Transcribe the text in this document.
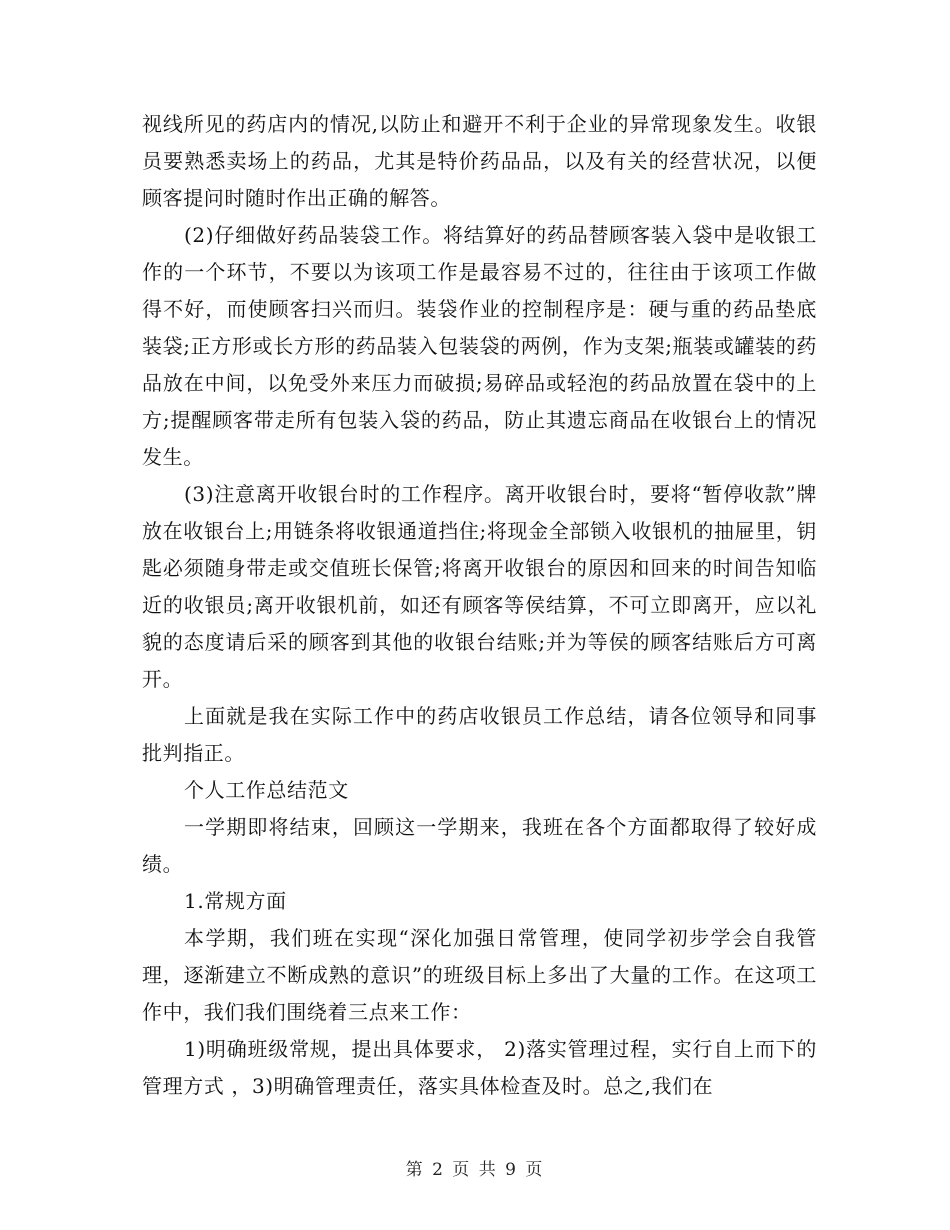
视线所见的药店内的情况,以防止和避开不利于企业的异常现象发生。收银员要熟悉卖场上的药品，尤其是特价药品品，以及有关的经营状况，以便顾客提问时随时作出正确的解答。

(2)仔细做好药品装袋工作。将结算好的药品替顾客装入袋中是收银工作的一个环节，不要以为该项工作是最容易不过的，往往由于该项工作做得不好，而使顾客扫兴而归。装袋作业的控制程序是：硬与重的药品垫底装袋;正方形或长方形的药品装入包装袋的两例，作为支架;瓶装或罐装的药品放在中间，以免受外来压力而破损;易碎品或轻泡的药品放置在袋中的上方;提醒顾客带走所有包装入袋的药品，防止其遗忘商品在收银台上的情况发生。

(3)注意离开收银台时的工作程序。离开收银台时，要将“暂停收款”牌放在收银台上;用链条将收银通道挡住;将现金全部锁入收银机的抽屉里，钥匙必须随身带走或交值班长保管;将离开收银台的原因和回来的时间告知临近的收银员;离开收银机前，如还有顾客等侯结算，不可立即离开，应以礼貌的态度请后采的顾客到其他的收银台结账;并为等侯的顾客结账后方可离开。

上面就是我在实际工作中的药店收银员工作总结，请各位领导和同事批判指正。

个人工作总结范文

一学期即将结束，回顾这一学期来，我班在各个方面都取得了较好成绩。

1.常规方面

本学期，我们班在实现“深化加强日常管理，使同学初步学会自我管理，逐渐建立不断成熟的意识”的班级目标上多出了大量的工作。在这项工作中，我们我们围绕着三点来工作：

1)明确班级常规，提出具体要求， 2)落实管理过程，实行自上而下的管理方式 ，3)明确管理责任，落实具体检查及时。总之,我们在

第 2 页 共 9 页
